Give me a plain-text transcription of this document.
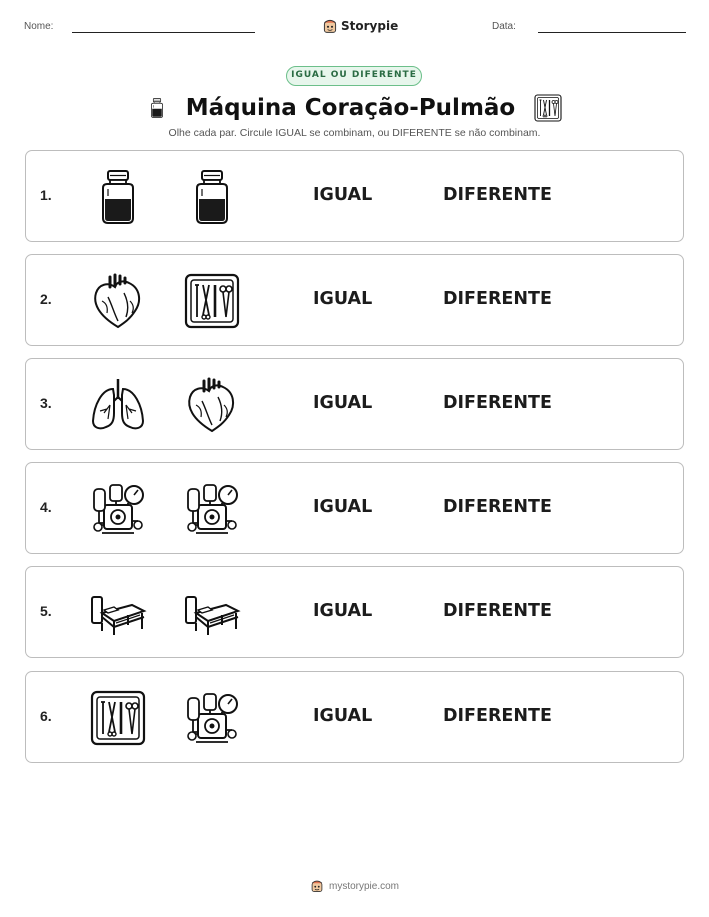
Nome:	Storypie	Data:
IGUAL OU DIFERENTE
Máquina Coração-Pulmão
Olhe cada par. Circule IGUAL se combinam, ou DIFERENTE se não combinam.
1.	IGUAL	DIFERENTE
2.	IGUAL	DIFERENTE
3.	IGUAL	DIFERENTE
4.	IGUAL	DIFERENTE
5.	IGUAL	DIFERENTE
6.	IGUAL	DIFERENTE
mystorypie.com
